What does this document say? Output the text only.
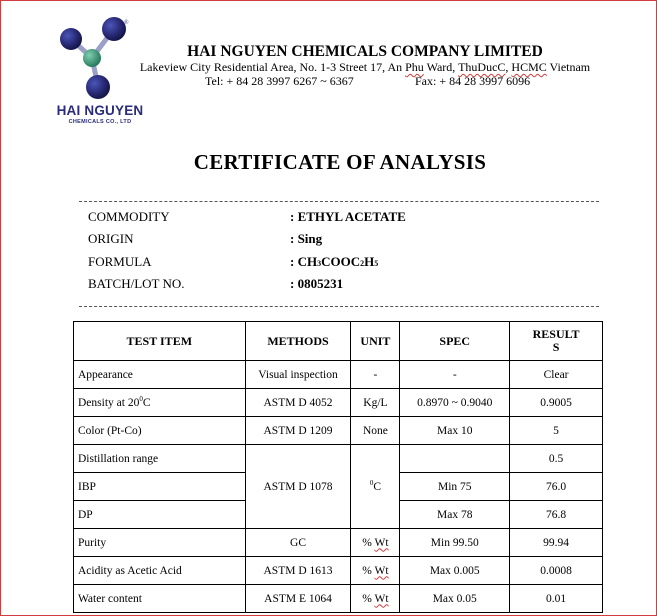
®
HAI NGUYEN
CHEMICALS CO., LTD
HAI NGUYEN CHEMICALS COMPANY LIMITED
Lakeview City Residential Area, No. 1-3 Street 17, An Phu Ward, ThuDucC, HCMC Vietnam
Tel: + 84 28 3997 6267 ~ 6367	Fax: + 84 28 3997 6096
CERTIFICATE OF ANALYSIS
COMMODITY	: ETHYL ACETATE
ORIGIN	: Sing
FORMULA	: CH3COOC2H5
BATCH/LOT NO.	: 0805231
TEST ITEM	METHODS	UNIT	SPEC	RESULT
S
Appearance	Visual inspection	-	-	Clear
Density at $20^0C$	ASTM D 4052	Kg/L	0.8970 ~ 0.9040	0.9005
Color (Pt-Co)	ASTM D 1209	None	Max 10	5
Distillation range	ASTM D 1078	$^0$C		0.5
IBP			Min 75	76.0
DP			Max 78	76.8
Purity	GC	% Wt	Min 99.50	99.94
Acidity as Acetic Acid	ASTM D 1613	% Wt	Max 0.005	0.0008
Water content	ASTM E 1064	% Wt	Max 0.05	0.01
